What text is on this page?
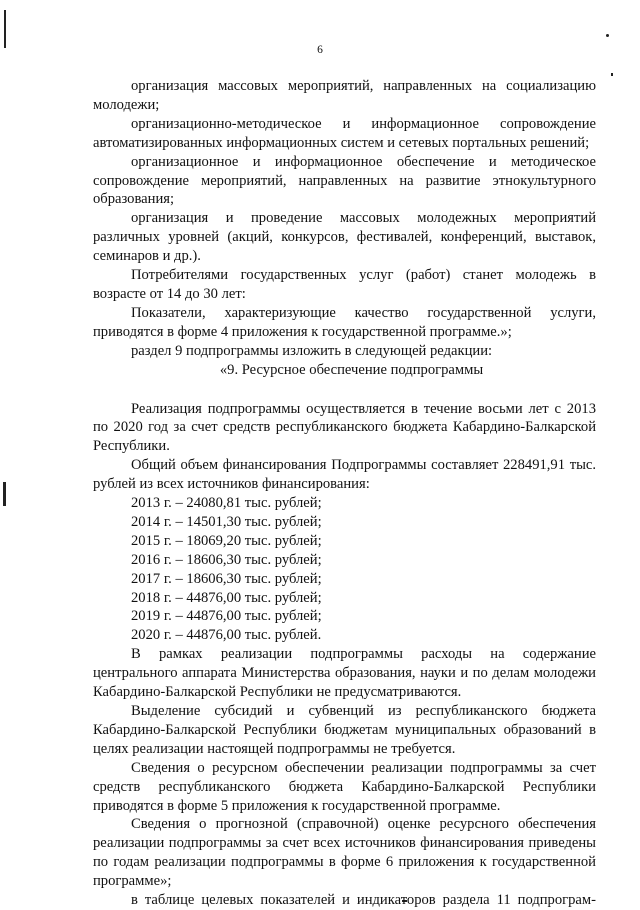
6

организация массовых мероприятий, направленных на социализацию молодежи;

организационно-методическое и информационное сопровождение автоматизированных информационных систем и сетевых портальных решений;

организационное и информационное обеспечение и методическое сопровождение мероприятий, направленных на развитие этнокультурного образования;

организация и проведение массовых молодежных мероприятий различных уровней (акций, конкурсов, фестивалей, конференций, выставок, семинаров и др.).

Потребителями государственных услуг (работ) станет молодежь в возрасте от 14 до 30 лет:

Показатели, характеризующие качество государственной услуги, приводятся в форме 4 приложения к государственной программе.»;

раздел 9 подпрограммы изложить в следующей редакции:

«9. Ресурсное обеспечение подпрограммы

Реализация подпрограммы осуществляется в течение восьми лет с 2013 по 2020 год за счет средств республиканского бюджета Кабардино-Балкарской Республики.

Общий объем финансирования Подпрограммы составляет 228491,91 тыс. рублей из всех источников финансирования:

2013 г. – 24080,81 тыс. рублей;
2014 г. – 14501,30 тыс. рублей;
2015 г. – 18069,20 тыс. рублей;
2016 г. – 18606,30 тыс. рублей;
2017 г. – 18606,30 тыс. рублей;
2018 г. – 44876,00 тыс. рублей;
2019 г. – 44876,00 тыс. рублей;
2020 г. – 44876,00 тыс. рублей.

В рамках реализации подпрограммы расходы на содержание центрального аппарата Министерства образования, науки и по делам молодежи Кабардино-Балкарской Республики не предусматриваются.

Выделение субсидий и субвенций из республиканского бюджета Кабардино-Балкарской Республики бюджетам муниципальных образований в целях реализации настоящей подпрограммы не требуется.

Сведения о ресурсном обеспечении реализации подпрограммы за счет средств республиканского бюджета Кабардино-Балкарской Республики приводятся в форме 5 приложения к государственной программе.

Сведения о прогнозной (справочной) оценке ресурсного обеспечения реализации подпрограммы за счет всех источников финансирования приведены по годам реализации подпрограммы в форме 6 приложения к государственной программе»;

в таблице целевых показателей и индикаторов раздела 11 подпрограм-
